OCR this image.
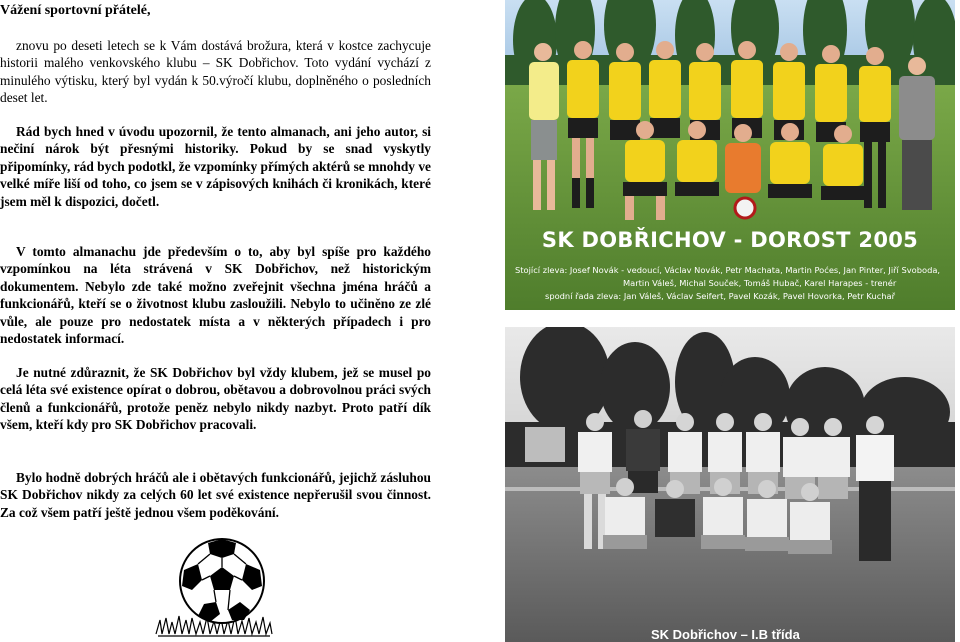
Vážení sportovní přátelé,

znovu po deseti letech se k Vám dostává brožura, která v kostce zachycuje historii malého venkovského klubu – SK Dobřichov. Toto vydání vychází z minulého výtisku, který byl vydán k 50.výročí klubu, doplněného o posledních deset let.

Rád bych hned v úvodu upozornil, že tento almanach, ani jeho autor, si nečiní nárok být přesnými historiky. Pokud by se snad vyskytly připomínky, rád bych podotkl, že vzpomínky přímých aktérů se mnohdy ve velké míře liší od toho, co jsem se v zápisových knihách či kronikách, které jsem měl k dispozici, dočetl.

V tomto almanachu jde především o to, aby byl spíše pro každého vzpomínkou na léta strávená v SK Dobřichov, než historickým dokumentem. Nebylo zde také možno zveřejnit všechna jména hráčů a funkcionářů, kteří se o životnost klubu zasloužili. Nebylo to učiněno ze zlé vůle, ale pouze pro nedostatek místa a v některých případech i pro nedostatek informací.

Je nutné zdůraznit, že SK Dobřichov byl vždy klubem, jež se musel po celá léta své existence opírat o dobrou, obětavou a dobrovolnou práci svých členů a funkcionářů, protože peněz nebylo nikdy nazbyt. Proto patří dík všem, kteří kdy pro SK Dobřichov pracovali.

Bylo hodně dobrých hráčů ale i obětavých funkcionářů, jejichž zásluhou SK Dobřichov nikdy za celých 60 let své existence nepřerušil svou činnost. Za což všem patří ještě jednou všem poděkování.

SK DOBŘICHOV - DOROST 2005
Stojící zleva: Josef Novák - vedoucí, Václav Novák, Petr Machata, Martin Poćes, Jan Pinter, Jiří Svoboda,
Martin Váleš, Michal Souček, Tomáš Hubač, Karel Harapes - trenér
spodní řada zleva: Jan Váleš, Václav Seifert, Pavel Kozák, Pavel Hovorka, Petr Kuchař
SK Dobřichov – I.B třída
